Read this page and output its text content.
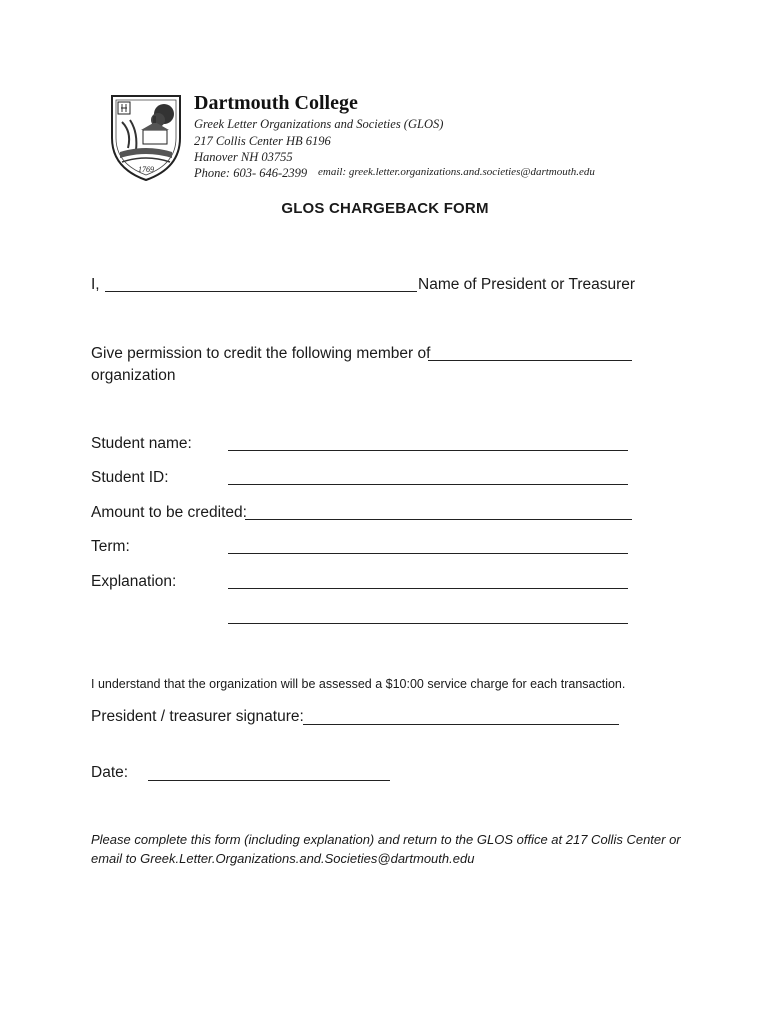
1769
Dartmouth College
Greek Letter Organizations and Societies (GLOS)
217 Collis Center HB 6196
Hanover NH 03755
Phone: 603- 646-2399 email: greek.letter.organizations.and.societies@dartmouth.edu
GLOS CHARGEBACK FORM
I,	Name of President or Treasurer
Give permission to credit the following member of
organization
Student name:
Student ID:
Amount to be credited:
Term:
Explanation:
I understand that the organization will be assessed a $10:00 service charge for each transaction.
President / treasurer signature:
Date:
Please complete this form (including explanation) and return to the GLOS office at 217 Collis Center or
email to Greek.Letter.Organizations.and.Societies@dartmouth.edu
